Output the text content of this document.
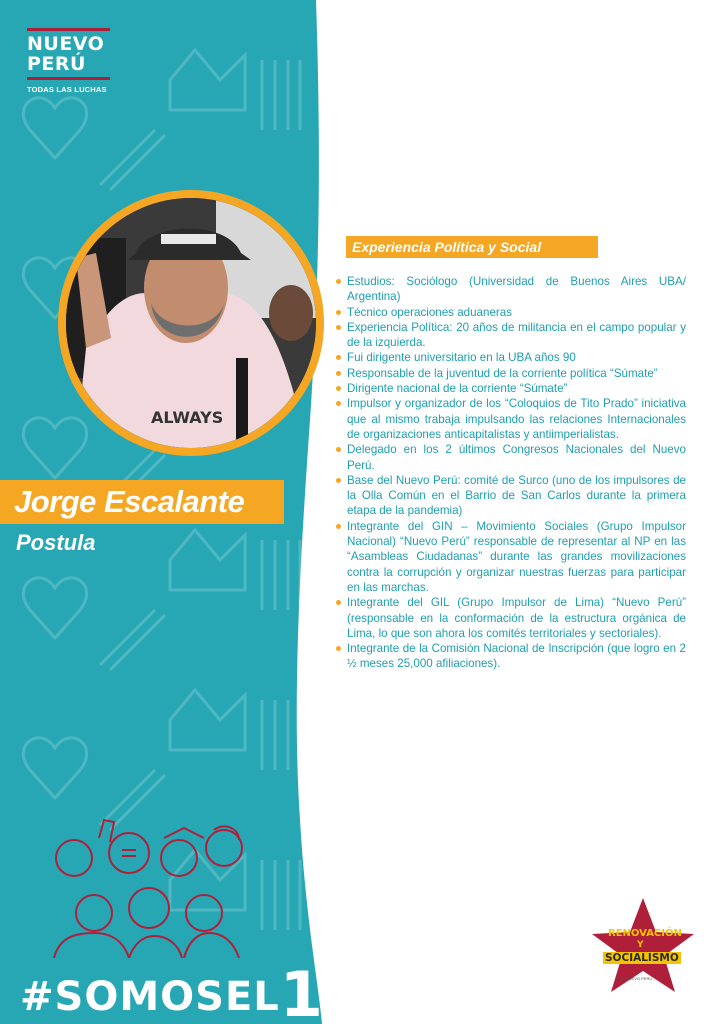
NUEVO
PERÚ
TODAS LAS LUCHAS
ALWAYS
Jorge Escalante
Postula
Experiencia Política y Social
Estudios: Sociólogo (Universidad de Buenos Aires UBA/ Argentina)
Técnico operaciones aduaneras
Experiencia Política: 20 años de militancia en el campo popular y de la izquierda.
Fui dirigente universitario en la UBA años 90
Responsable de la juventud de la corriente política “Súmate”
Dirigente nacional de la corriente “Súmate”
Impulsor y organizador de los “Coloquios de Tito Prado” iniciativa que al mismo trabaja impulsando las relaciones Internacionales de organizaciones anticapitalistas y antiimperialistas.
Delegado en los 2 últimos Congresos Nacionales del Nuevo Perú.
Base del Nuevo Perú: comité de Surco (uno de los impulsores de la Olla Común en el Barrio de San Carlos durante la primera etapa de la pandemia)
Integrante del GIN – Movimiento Sociales (Grupo Impulsor Nacional) “Nuevo Perú” responsable de representar al NP en las “Asambleas Ciudadanas” durante las grandes movilizaciones contra la corrupción y organizar nuestras fuerzas para participar en las marchas.
Integrante del GIL (Grupo Impulsor de Lima) “Nuevo Perú” (responsable en la conformación de la estructura orgánica de Lima, lo que son ahora los comités territoriales y sectoriales).
Integrante de la Comisión Nacional de Inscripción (que logro en 2 ½ meses 25,000 afiliaciones).
#SOMOSEL1
RENOVACIÓN
Y
SOCIALISMO
POR NUEVO PERÚ
